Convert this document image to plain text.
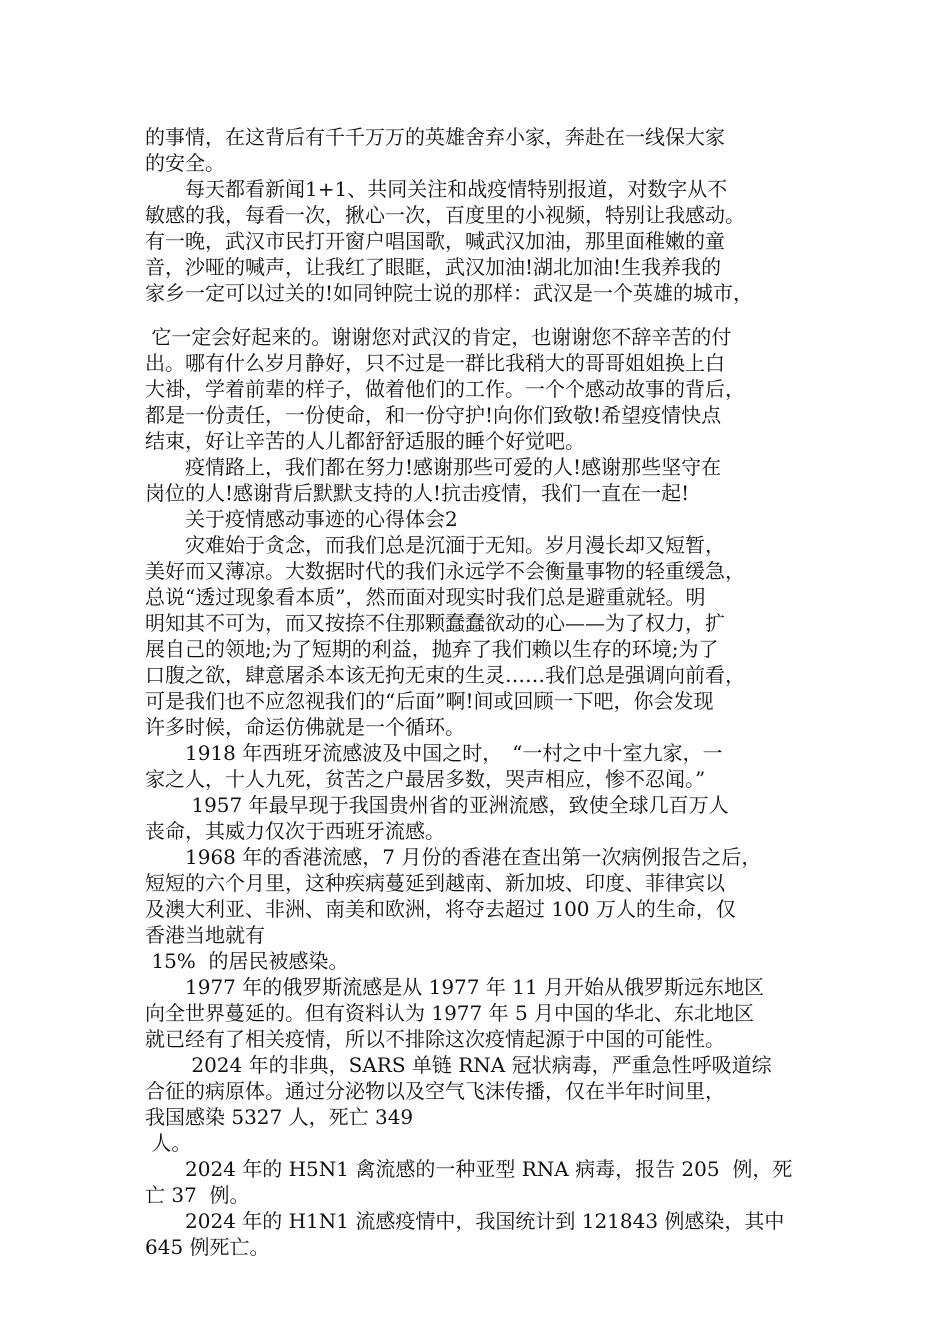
的事情，在这背后有千千万万的英雄舍弃小家，奔赴在一线保大家
的安全。
　　每天都看新闻1+1、共同关注和战疫情特别报道，对数字从不
敏感的我，每看一次，揪心一次，百度里的小视频，特别让我感动。
有一晚，武汉市民打开窗户唱国歌，喊武汉加油，那里面稚嫩的童
音，沙哑的喊声，让我红了眼眶，武汉加油!湖北加油!生我养我的
家乡一定可以过关的!如同钟院士说的那样：武汉是一个英雄的城市，
它一定会好起来的。谢谢您对武汉的肯定，也谢谢您不辞辛苦的付
出。哪有什么岁月静好，只不过是一群比我稍大的哥哥姐姐换上白
大褂，学着前辈的样子，做着他们的工作。一个个感动故事的背后，
都是一份责任，一份使命，和一份守护!向你们致敬!希望疫情快点
结束，好让辛苦的人儿都舒舒适服的睡个好觉吧。
　　疫情路上，我们都在努力!感谢那些可爱的人!感谢那些坚守在
岗位的人!感谢背后默默支持的人!抗击疫情，我们一直在一起!
　　关于疫情感动事迹的心得体会2
　　灾难始于贪念，而我们总是沉湎于无知。岁月漫长却又短暂，
美好而又薄凉。大数据时代的我们永远学不会衡量事物的轻重缓急，
总说“透过现象看本质”，然而面对现实时我们总是避重就轻。明
明知其不可为，而又按捺不住那颗蠢蠢欲动的心——为了权力，扩
展自己的领地;为了短期的利益，抛弃了我们赖以生存的环境;为了
口腹之欲，肆意屠杀本该无拘无束的生灵……我们总是强调向前看，
可是我们也不应忽视我们的“后面”啊!间或回顾一下吧，你会发现
许多时候，命运仿佛就是一个循环。
　　1918 年西班牙流感波及中国之时，　“一村之中十室九家，一
家之人，十人九死，贫苦之户最居多数，哭声相应，惨不忍闻。”
　　 1957 年最早现于我国贵州省的亚洲流感，致使全球几百万人
丧命，其威力仅次于西班牙流感。
　　1968 年的香港流感，7 月份的香港在查出第一次病例报告之后，
短短的六个月里，这种疾病蔓延到越南、新加坡、印度、菲律宾以
及澳大利亚、非洲、南美和欧洲，将夺去超过 100 万人的生命，仅
香港当地就有
15%  的居民被感染。
　　1977 年的俄罗斯流感是从 1977 年 11 月开始从俄罗斯远东地区
向全世界蔓延的。但有资料认为 1977 年 5 月中国的华北、东北地区
就已经有了相关疫情，所以不排除这次疫情起源于中国的可能性。
　　 2024 年的非典，SARS 单链 RNA 冠状病毒，严重急性呼吸道综
合征的病原体。通过分泌物以及空气飞沫传播，仅在半年时间里，
我国感染 5327 人，死亡 349
人。
　　2024 年的 H5N1 禽流感的一种亚型 RNA 病毒，报告 205  例，死
亡 37  例。
　　2024 年的 H1N1 流感疫情中，我国统计到 121843 例感染，其中
645 例死亡。
